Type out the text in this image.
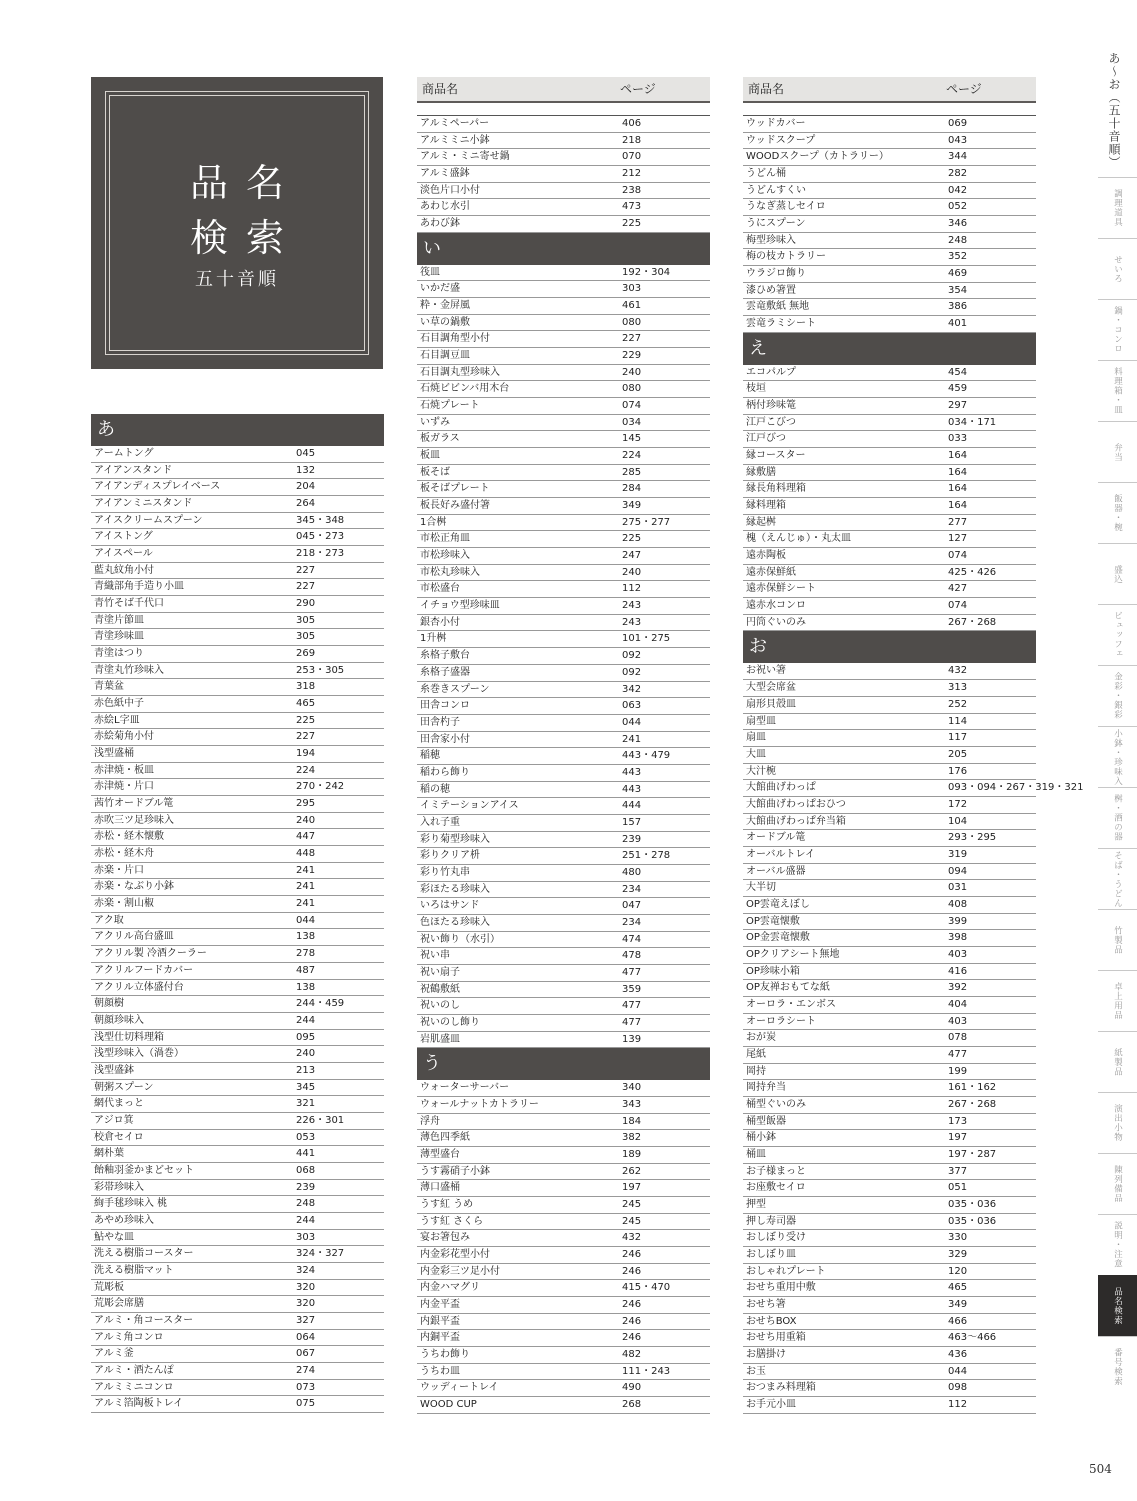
品名
検索
五十音順
あ
アームトング	045
アイアンスタンド	132
アイアンディスプレイベース	204
アイアンミニスタンド	264
アイスクリームスプーン	345・348
アイストング	045・273
アイスペール	218・273
藍丸紋角小付	227
青織部角手造り小皿	227
青竹そば千代口	290
青塗片節皿	305
青塗珍味皿	305
青塗はつり	269
青塗丸竹珍味入	253・305
青葉盆	318
赤色紙中子	465
赤絵L字皿	225
赤絵菊角小付	227
浅型盛桶	194
赤津焼・板皿	224
赤津焼・片口	270・242
茜竹オードブル篭	295
赤吹三ツ足珍味入	240
赤松・経木懐敷	447
赤松・経木舟	448
赤楽・片口	241
赤楽・なぶり小鉢	241
赤楽・割山椒	241
アク取	044
アクリル高台盛皿	138
アクリル製 冷酒クーラー	278
アクリルフードカバー	487
アクリル立体盛付台	138
朝顔樹	244・459
朝顔珍味入	244
浅型仕切料理箱	095
浅型珍味入（渦巻）	240
浅型盛鉢	213
朝粥スプーン	345
網代まっと	321
アジロ箕	226・301
校倉セイロ	053
網朴葉	441
飴釉羽釜かまどセット	068
彩帯珍味入	239
絢手毬珍味入 桃	248
あやめ珍味入	244
鮎やな皿	303
洗える樹脂コースター	324・327
洗える樹脂マット	324
荒彫板	320
荒彫会席膳	320
アルミ・角コースター	327
アルミ角コンロ	064
アルミ釜	067
アルミ・酒たんぽ	274
アルミミニコンロ	073
アルミ箔陶板トレイ	075
商品名	ページ
アルミペーパー	406
アルミミニ小鉢	218
アルミ・ミニ寄せ鍋	070
アルミ盛鉢	212
淡色片口小付	238
あわじ水引	473
あわび鉢	225
い
筏皿	192・304
いかだ盛	303
粋・金屏風	461
い草の鍋敷	080
石目調角型小付	227
石目調豆皿	229
石目調丸型珍味入	240
石焼ビビンバ用木台	080
石焼プレート	074
いずみ	034
板ガラス	145
板皿	224
板そば	285
板そばプレート	284
板長好み盛付箸	349
1合桝	275・277
市松正角皿	225
市松珍味入	247
市松丸珍味入	240
市松盛台	112
イチョウ型珍味皿	243
銀杏小付	243
1升桝	101・275
糸格子敷台	092
糸格子盛器	092
糸巻きスプーン	342
田舎コンロ	063
田舎杓子	044
田舎家小付	241
稲穂	443・479
稲わら飾り	443
稲の穂	443
イミテーションアイス	444
入れ子重	157
彩り菊型珍味入	239
彩りクリア枡	251・278
彩り竹丸串	480
彩ほたる珍味入	234
いろはサンド	047
色ほたる珍味入	234
祝い飾り（水引）	474
祝い串	478
祝い扇子	477
祝鶴敷紙	359
祝いのし	477
祝いのし飾り	477
岩肌盛皿	139
う
ウォーターサーバー	340
ウォールナットカトラリー	343
浮舟	184
薄色四季紙	382
薄型盛台	189
うす霧硝子小鉢	262
薄口盛桶	197
うす紅 うめ	245
うす紅 さくら	245
宴お箸包み	432
内金彩花型小付	246
内金彩三ツ足小付	246
内金ハマグリ	415・470
内金平盃	246
内銀平盃	246
内銅平盃	246
うちわ飾り	482
うちわ皿	111・243
ウッディートレイ	490
WOOD CUP	268
商品名	ページ
ウッドカバー	069
ウッドスクープ	043
WOODスクープ（カトラリー）	344
うどん桶	282
うどんすくい	042
うなぎ蒸しセイロ	052
うにスプーン	346
梅型珍味入	248
梅の枝カトラリー	352
ウラジロ飾り	469
漆ひめ箸置	354
雲竜敷紙 無地	386
雲竜ラミシート	401
え
エコパルプ	454
枝垣	459
柄付珍味篭	297
江戸こびつ	034・171
江戸びつ	033
縁コースター	164
縁敷膳	164
縁長角料理箱	164
縁料理箱	164
縁起桝	277
槐（えんじゅ）・丸太皿	127
遠赤陶板	074
遠赤保鮮紙	425・426
遠赤保鮮シート	427
遠赤水コンロ	074
円筒ぐいのみ	267・268
お
お祝い箸	432
大型会席盆	313
扇形貝殻皿	252
扇型皿	114
扇皿	117
大皿	205
大汁椀	176
大館曲げわっぱ	093・094・267・319・321
大館曲げわっぱおひつ	172
大館曲げわっぱ弁当箱	104
オードブル篭	293・295
オーバルトレイ	319
オーバル盛器	094
大半切	031
OP雲竜えぼし	408
OP雲竜懐敷	399
OP金雲竜懐敷	398
OPクリアシート無地	403
OP珍味小箱	416
OP友禅おもてな紙	392
オーロラ・エンボス	404
オーロラシート	403
おが炭	078
尾紙	477
岡持	199
岡持弁当	161・162
桶型ぐいのみ	267・268
桶型飯器	173
桶小鉢	197
桶皿	197・287
お子様まっと	377
お座敷セイロ	051
押型	035・036
押し寿司器	035・036
おしぼり受け	330
おしぼり皿	329
おしゃれプレート	120
おせち重用中敷	465
おせち箸	349
おせちBOX	466
おせち用重箱	463〜466
お膳掛け	436
お玉	044
おつまみ料理箱	098
お手元小皿	112
あ〜お（五十音順）
調理道具
せいろ
鍋・コンロ
料理箱・皿
弁当
飯器・椀
盛込
ビュッフェ
金彩・銀彩
小鉢・珍味入
桝・酒の器
そば・うどん
竹製品
卓上用品
紙製品
演出小物
陳列備品
説明・注意
品名検索
番号検索
504
